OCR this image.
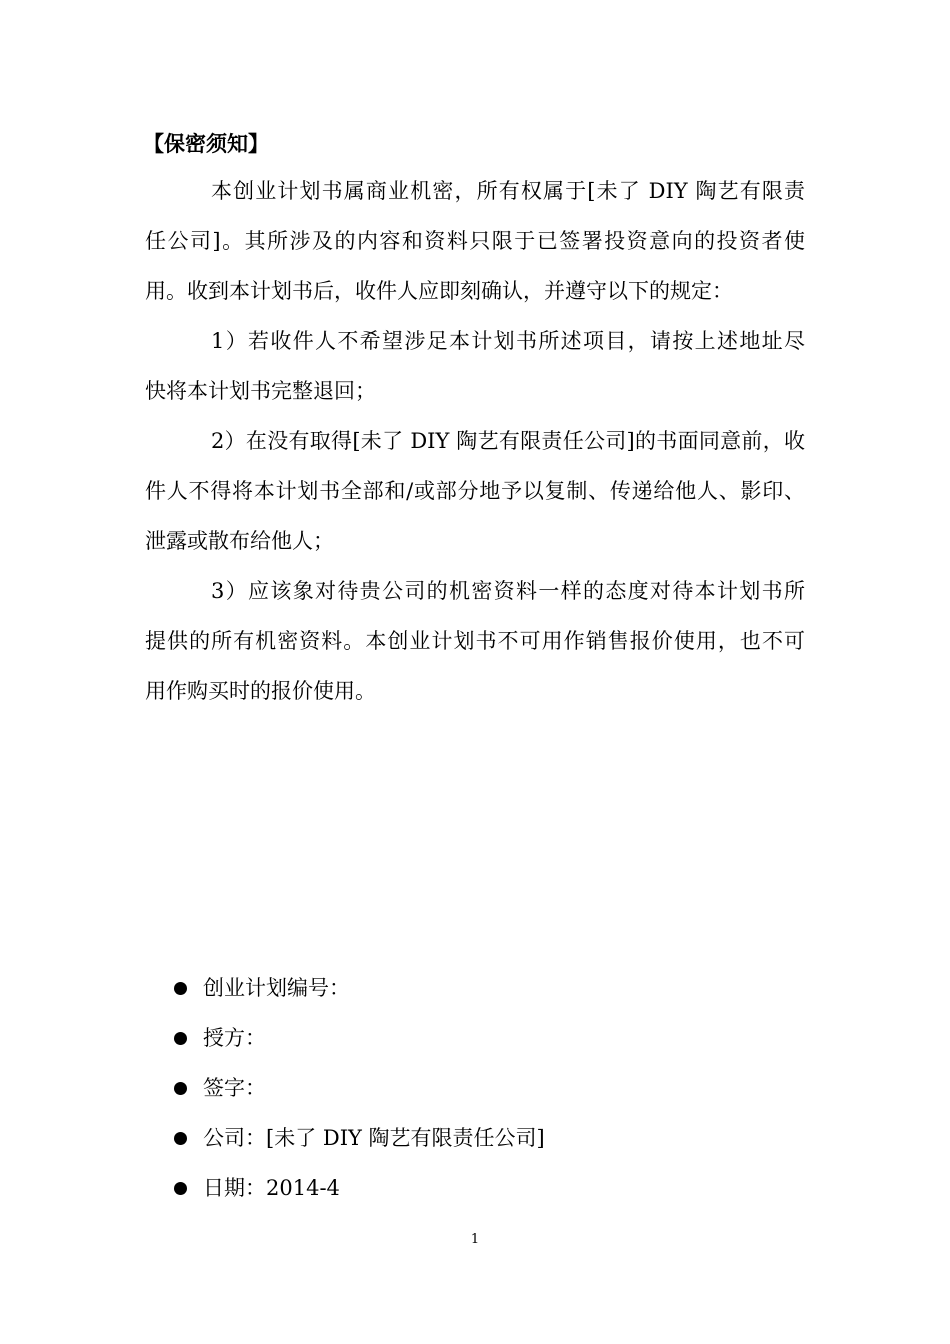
【保密须知】
本创业计划书属商业机密，所有权属于[未了 DIY 陶艺有限责
任公司]。其所涉及的内容和资料只限于已签署投资意向的投资者使
用。收到本计划书后，收件人应即刻确认，并遵守以下的规定：
1）若收件人不希望涉足本计划书所述项目，请按上述地址尽
快将本计划书完整退回；
2）在没有取得[未了 DIY 陶艺有限责任公司]的书面同意前，收
件人不得将本计划书全部和/或部分地予以复制、传递给他人、影印、
泄露或散布给他人；
3）应该象对待贵公司的机密资料一样的态度对待本计划书所
提供的所有机密资料。本创业计划书不可用作销售报价使用，也不可
用作购买时的报价使用。
创业计划编号：
授方：
签字：
公司：[未了 DIY 陶艺有限责任公司]
日期：2014-4
1
